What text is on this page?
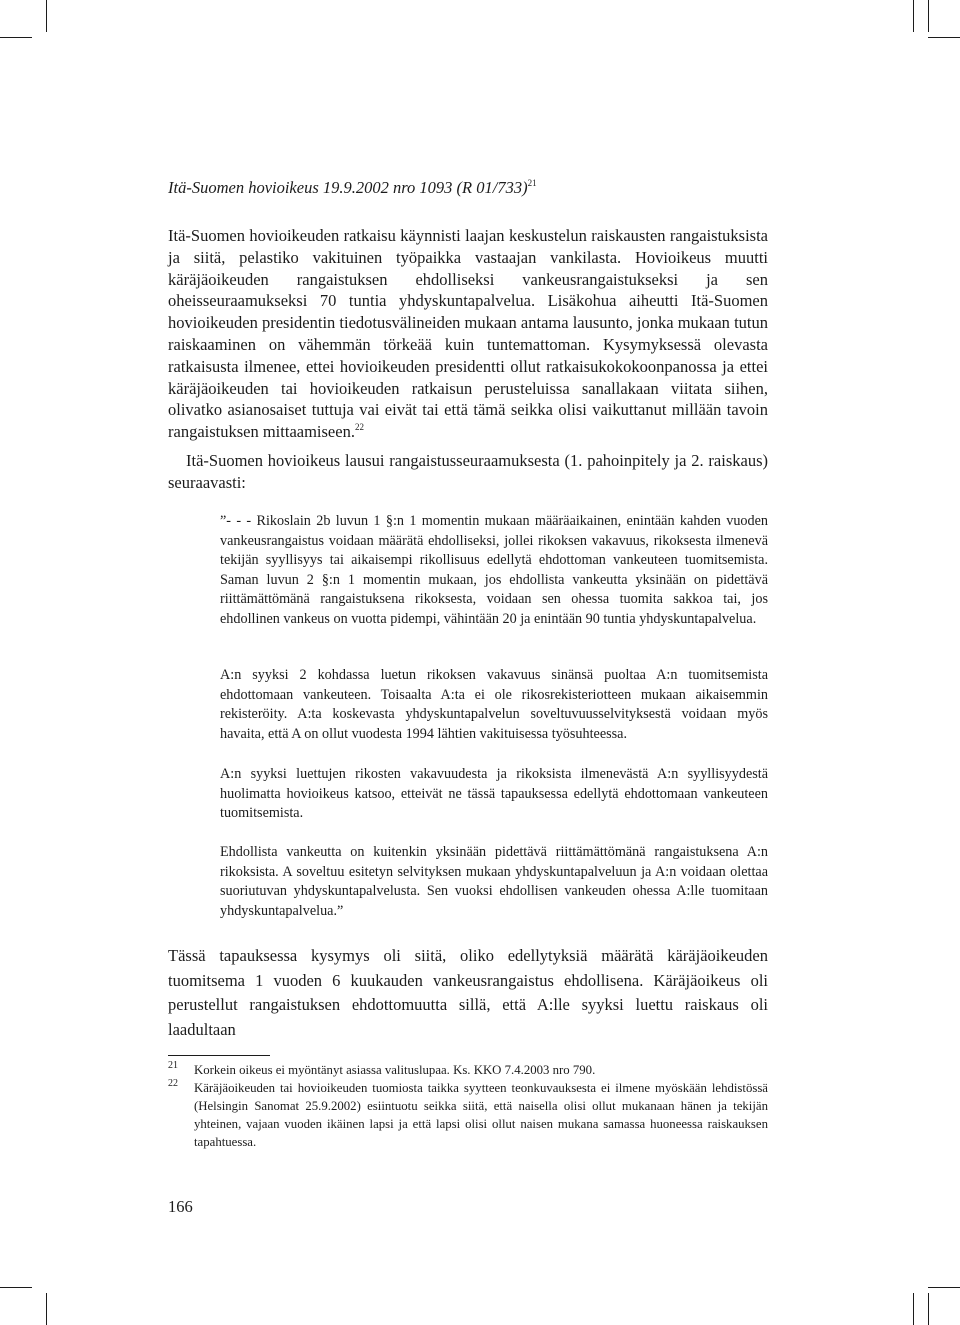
Itä-Suomen hovioikeus 19.9.2002 nro 1093 (R 01/733)$^{21}$
Itä-Suomen hovioikeuden ratkaisu käynnisti laajan keskustelun raiskausten rangaistuksista ja siitä, pelastiko vakituinen työpaikka vastaajan vankilasta. Hovioikeus muutti käräjäoikeuden rangaistuksen ehdolliseksi vankeusrangaistukseksi ja sen oheisseuraamukseksi 70 tuntia yhdyskuntapalvelua. Lisäkohua aiheutti Itä-Suomen hovioikeuden presidentin tiedotusvälineiden mukaan antama lausunto, jonka mukaan tutun raiskaaminen on vähemmän törkeää kuin tuntemattoman. Kysymyksessä olevasta ratkaisusta ilmenee, ettei hovioikeuden presidentti ollut ratkaisukokokoonpanossa ja ettei käräjäoikeuden tai hovioikeuden ratkaisun perusteluissa sanallakaan viitata siihen, olivatko asianosaiset tuttuja vai eivät tai että tämä seikka olisi vaikuttanut millään tavoin rangaistuksen mittaamiseen.$^{22}$
Itä-Suomen hovioikeus lausui rangaistusseuraamuksesta (1. pahoinpitely ja 2. raiskaus) seuraavasti:
”- - - Rikoslain 2b luvun 1 §:n 1 momentin mukaan määräaikainen, enintään kahden vuoden vankeusrangaistus voidaan määrätä ehdolliseksi, jollei rikoksen vakavuus, rikoksesta ilmenevä tekijän syyllisyys tai aikaisempi rikollisuus edellytä ehdottoman vankeuteen tuomitsemista. Saman luvun 2 §:n 1 momentin mukaan, jos ehdollista vankeutta yksinään on pidettävä riittämättömänä rangaistuksena rikoksesta, voidaan sen ohessa tuomita sakkoa tai, jos ehdollinen vankeus on vuotta pidempi, vähintään 20 ja enintään 90 tuntia yhdyskuntapalvelua.
A:n syyksi 2 kohdassa luetun rikoksen vakavuus sinänsä puoltaa A:n tuomitsemista ehdottomaan vankeuteen. Toisaalta A:ta ei ole rikosrekisteriotteen mukaan aikaisemmin rekisteröity. A:ta koskevasta yhdyskuntapalvelun soveltuvuusselvityksestä voidaan myös havaita, että A on ollut vuodesta 1994 lähtien vakituisessa työsuhteessa.
A:n syyksi luettujen rikosten vakavuudesta ja rikoksista ilmenevästä A:n syyllisyydestä huolimatta hovioikeus katsoo, etteivät ne tässä tapauksessa edellytä ehdottomaan vankeuteen tuomitsemista.
Ehdollista vankeutta on kuitenkin yksinään pidettävä riittämättömänä rangaistuksena A:n rikoksista. A soveltuu esitetyn selvityksen mukaan yhdyskuntapalveluun ja A:n voidaan olettaa suoriutuvan yhdyskuntapalvelusta. Sen vuoksi ehdollisen vankeuden ohessa A:lle tuomitaan yhdyskuntapalvelua.”
Tässä tapauksessa kysymys oli siitä, oliko edellytyksiä määrätä käräjäoikeuden tuomitsema 1 vuoden 6 kuukauden vankeusrangaistus ehdollisena. Käräjäoikeus oli perustellut rangaistuksen ehdottomuutta sillä, että A:lle syyksi luettu raiskaus oli laadultaan
21 Korkein oikeus ei myöntänyt asiassa valituslupaa. Ks. KKO 7.4.2003 nro 790.
22 Käräjäoikeuden tai hovioikeuden tuomiosta taikka syytteen teonkuvauksesta ei ilmene myöskään lehdistössä (Helsingin Sanomat 25.9.2002) esiintuotu seikka siitä, että naisella olisi ollut mukanaan hänen ja tekijän yhteinen, vajaan vuoden ikäinen lapsi ja että lapsi olisi ollut naisen mukana samassa huoneessa raiskauksen tapahtuessa.
166
